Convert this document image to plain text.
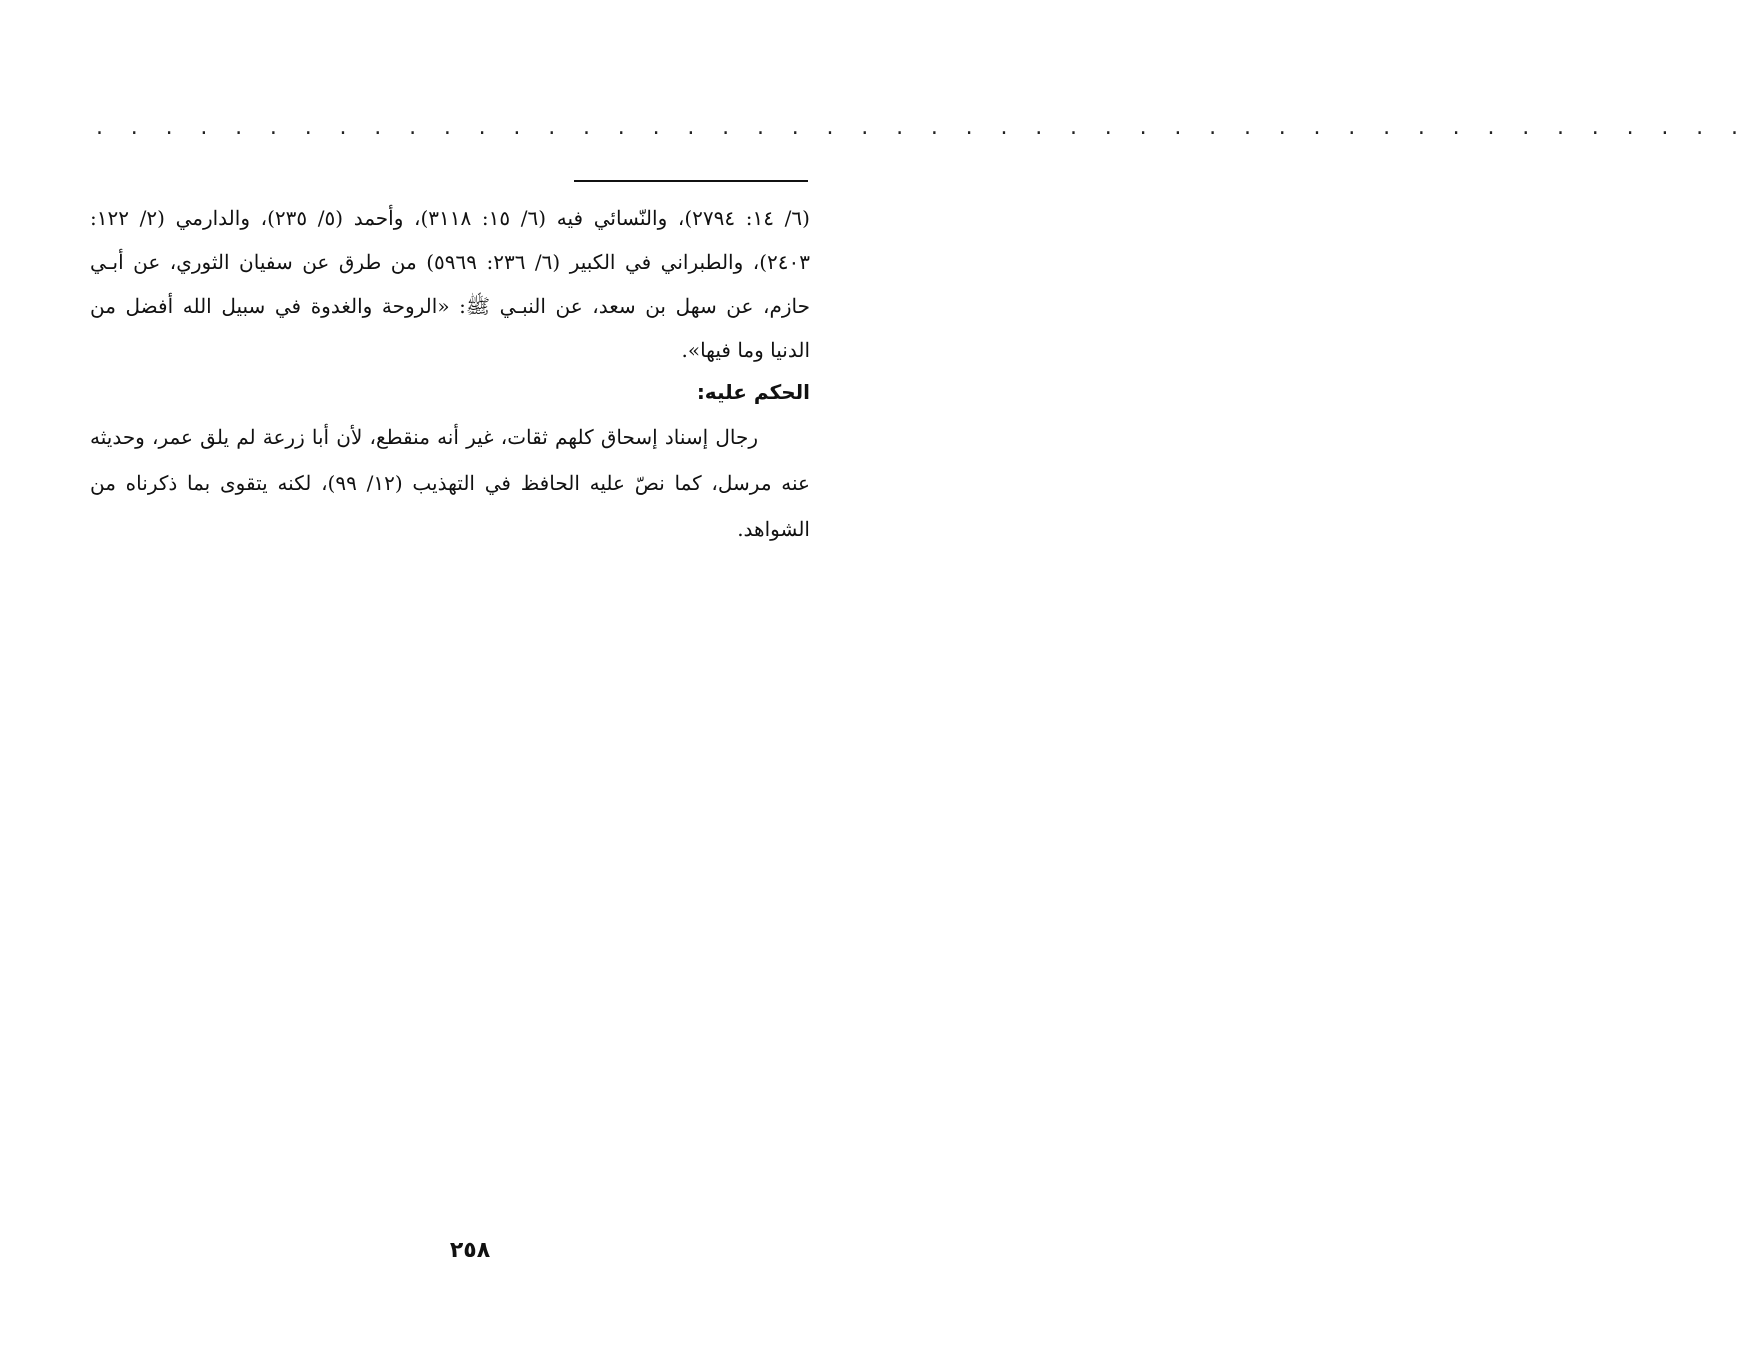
. . . . . . . . . . . . . . . . . . . . . . . . . . . . . . . . . . . . . . . . . . . . . . . .

(٦/ ١٤: ٢٧٩٤)، والنّسائي فيه (٦/ ١٥: ٣١١٨)، وأحمد (٥/ ٢٣٥)، والدارمي (٢/ ١٢٢: ٢٤٠٣)، والطبراني في الكبير (٦/ ٢٣٦: ٥٩٦٩) من طرق عن سفيان الثوري، عن أبـي حازم، عن سهل بن سعد، عن النبـي ﷺ: «الروحة والغدوة في سبيل الله أفضل من الدنيا وما فيها».

الحكم عليه:

رجال إسناد إسحاق كلهم ثقات، غير أنه منقطع، لأن أبا زرعة لم يلق عمر، وحديثه عنه مرسل، كما نصّ عليه الحافظ في التهذيب (١٢/ ٩٩)، لكنه يتقوى بما ذكرناه من الشواهد.

٢٥٨
